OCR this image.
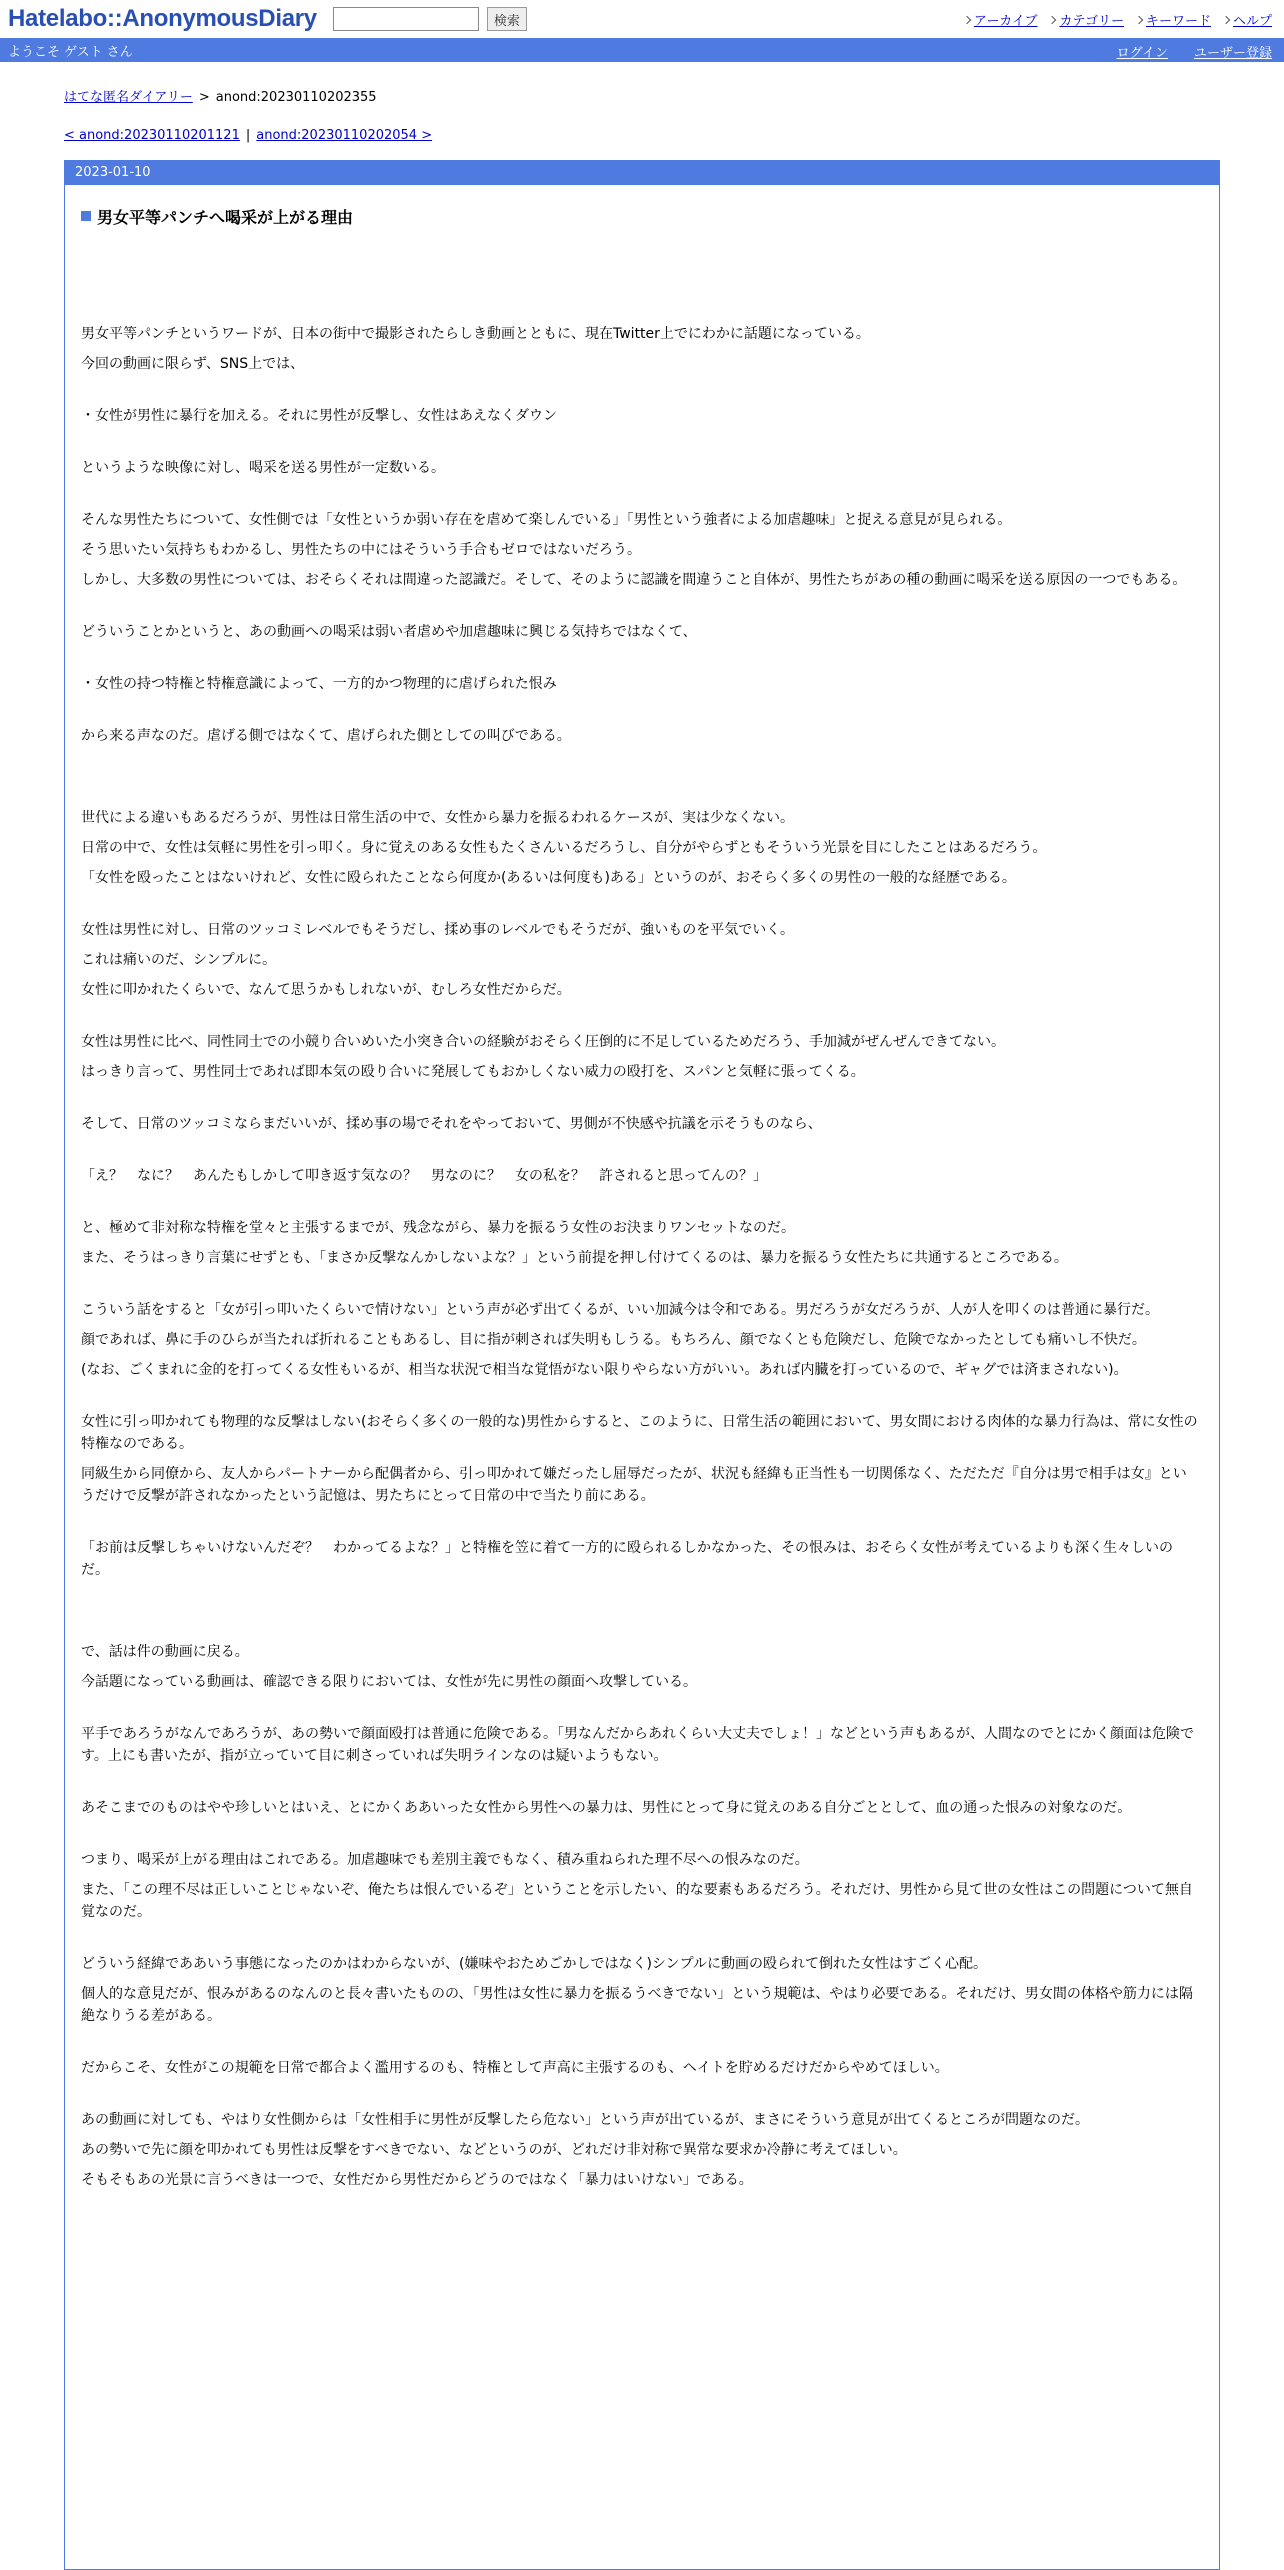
Hatelabo::AnonymousDiary	検索	アーカイブ カテゴリー キーワード ヘルプ
ようこそ ゲスト さん	ログイン ユーザー登録
はてな匿名ダイアリー > anond:20230110202355
< anond:20230110201121 | anond:20230110202054 >
2023-01-10
男女平等パンチへ喝采が上がる理由

男女平等パンチというワードが、日本の街中で撮影されたらしき動画とともに、現在Twitter上でにわかに話題になっている。

今回の動画に限らず、SNS上では、

・女性が男性に暴行を加える。それに男性が反撃し、女性はあえなくダウン

というような映像に対し、喝采を送る男性が一定数いる。

そんな男性たちについて、女性側では「女性というか弱い存在を虐めて楽しんでいる」「男性という強者による加虐趣味」と捉える意見が見られる。

そう思いたい気持ちもわかるし、男性たちの中にはそういう手合もゼロではないだろう。

しかし、大多数の男性については、おそらくそれは間違った認識だ。そして、そのように認識を間違うこと自体が、男性たちがあの種の動画に喝采を送る原因の一つでもある。

どういうことかというと、あの動画への喝采は弱い者虐めや加虐趣味に興じる気持ちではなくて、

・女性の持つ特権と特権意識によって、一方的かつ物理的に虐げられた恨み

から来る声なのだ。虐げる側ではなくて、虐げられた側としての叫びである。

世代による違いもあるだろうが、男性は日常生活の中で、女性から暴力を振るわれるケースが、実は少なくない。

日常の中で、女性は気軽に男性を引っ叩く。身に覚えのある女性もたくさんいるだろうし、自分がやらずともそういう光景を目にしたことはあるだろう。

「女性を殴ったことはないけれど、女性に殴られたことなら何度か(あるいは何度も)ある」というのが、おそらく多くの男性の一般的な経歴である。

女性は男性に対し、日常のツッコミレベルでもそうだし、揉め事のレベルでもそうだが、強いものを平気でいく。

これは痛いのだ、シンプルに。

女性に叩かれたくらいで、なんて思うかもしれないが、むしろ女性だからだ。

女性は男性に比べ、同性同士での小競り合いめいた小突き合いの経験がおそらく圧倒的に不足しているためだろう、手加減がぜんぜんできてない。

はっきり言って、男性同士であれば即本気の殴り合いに発展してもおかしくない威力の殴打を、スパンと気軽に張ってくる。

そして、日常のツッコミならまだいいが、揉め事の場でそれをやっておいて、男側が不快感や抗議を示そうものなら、

「え？　なに？　あんたもしかして叩き返す気なの？　男なのに？　女の私を？　許されると思ってんの？」

と、極めて非対称な特権を堂々と主張するまでが、残念ながら、暴力を振るう女性のお決まりワンセットなのだ。

また、そうはっきり言葉にせずとも、「まさか反撃なんかしないよな？」という前提を押し付けてくるのは、暴力を振るう女性たちに共通するところである。

こういう話をすると「女が引っ叩いたくらいで情けない」という声が必ず出てくるが、いい加減今は令和である。男だろうが女だろうが、人が人を叩くのは普通に暴行だ。

顔であれば、鼻に手のひらが当たれば折れることもあるし、目に指が刺されば失明もしうる。もちろん、顔でなくとも危険だし、危険でなかったとしても痛いし不快だ。

(なお、ごくまれに金的を打ってくる女性もいるが、相当な状況で相当な覚悟がない限りやらない方がいい。あれば内臓を打っているので、ギャグでは済まされない)。

女性に引っ叩かれても物理的な反撃はしない(おそらく多くの一般的な)男性からすると、このように、日常生活の範囲において、男女間における肉体的な暴力行為は、常に女性の特権なのである。

同級生から同僚から、友人からパートナーから配偶者から、引っ叩かれて嫌だったし屈辱だったが、状況も経緯も正当性も一切関係なく、ただただ『自分は男で相手は女』というだけで反撃が許されなかったという記憶は、男たちにとって日常の中で当たり前にある。

「お前は反撃しちゃいけないんだぞ？　わかってるよな？」と特権を笠に着て一方的に殴られるしかなかった、その恨みは、おそらく女性が考えているよりも深く生々しいのだ。

で、話は件の動画に戻る。

今話題になっている動画は、確認できる限りにおいては、女性が先に男性の顔面へ攻撃している。

平手であろうがなんであろうが、あの勢いで顔面殴打は普通に危険である。「男なんだからあれくらい大丈夫でしょ！」などという声もあるが、人間なのでとにかく顔面は危険です。上にも書いたが、指が立っていて目に刺さっていれば失明ラインなのは疑いようもない。

あそこまでのものはやや珍しいとはいえ、とにかくああいった女性から男性への暴力は、男性にとって身に覚えのある自分ごととして、血の通った恨みの対象なのだ。

つまり、喝采が上がる理由はこれである。加虐趣味でも差別主義でもなく、積み重ねられた理不尽への恨みなのだ。

また、「この理不尽は正しいことじゃないぞ、俺たちは恨んでいるぞ」ということを示したい、的な要素もあるだろう。それだけ、男性から見て世の女性はこの問題について無自覚なのだ。

どういう経緯でああいう事態になったのかはわからないが、(嫌味やおためごかしではなく)シンプルに動画の殴られて倒れた女性はすごく心配。

個人的な意見だが、恨みがあるのなんのと長々書いたものの、「男性は女性に暴力を振るうべきでない」という規範は、やはり必要である。それだけ、男女間の体格や筋力には隔絶なりうる差がある。

だからこそ、女性がこの規範を日常で都合よく濫用するのも、特権として声高に主張するのも、ヘイトを貯めるだけだからやめてほしい。

あの動画に対しても、やはり女性側からは「女性相手に男性が反撃したら危ない」という声が出ているが、まさにそういう意見が出てくるところが問題なのだ。

あの勢いで先に顔を叩かれても男性は反撃をすべきでない、などというのが、どれだけ非対称で異常な要求か冷静に考えてほしい。

そもそもあの光景に言うべきは一つで、女性だから男性だからどうのではなく「暴力はいけない」である。
